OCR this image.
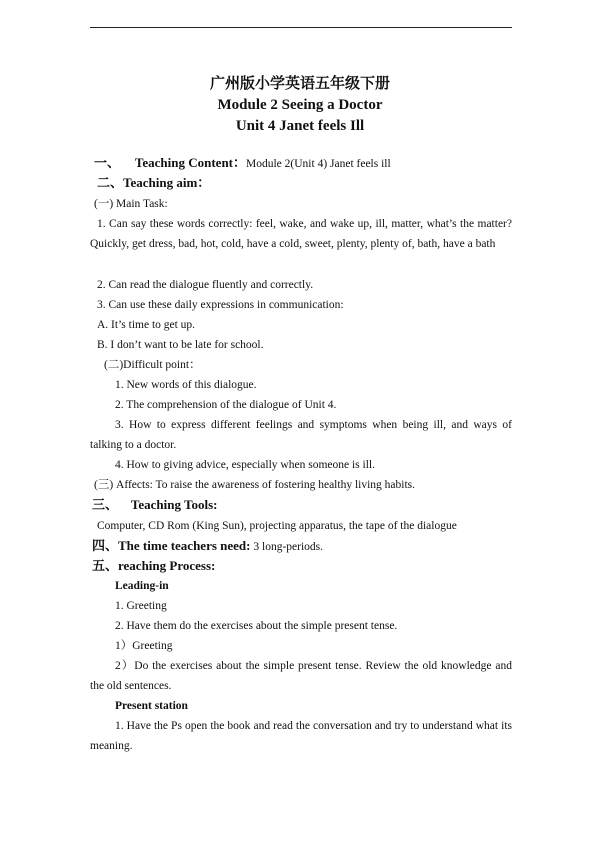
广州版小学英语五年级下册
Module 2 Seeing a Doctor
Unit 4 Janet feels Ill
一、 Teaching Content：Module 2(Unit 4) Janet feels ill
二、Teaching aim：
(一) Main Task:
1. Can say these words correctly: feel, wake, and wake up, ill, matter, what’s the matter? Quickly, get dress, bad, hot, cold, have a cold, sweet, plenty, plenty of, bath, have a bath
2. Can read the dialogue fluently and correctly.
3. Can use these daily expressions in communication:
A. It’s time to get up.
B. I don’t want to be late for school.
(二)Difficult point：
1. New words of this dialogue.
2. The comprehension of the dialogue of Unit 4.
3. How to express different feelings and symptoms when being ill, and ways of talking to a doctor.
4. How to giving advice, especially when someone is ill.
(三) Affects: To raise the awareness of fostering healthy living habits.
三、 Teaching Tools:
Computer, CD Rom (King Sun), projecting apparatus, the tape of the dialogue
四、The time teachers need: 3 long-periods.
五、reaching Process:
Leading-in
1. Greeting
2. Have them do the exercises about the simple present tense.
1）Greeting
2）Do the exercises about the simple present tense. Review the old knowledge and the old sentences.
Present station
1. Have the Ps open the book and read the conversation and try to understand what its meaning.
